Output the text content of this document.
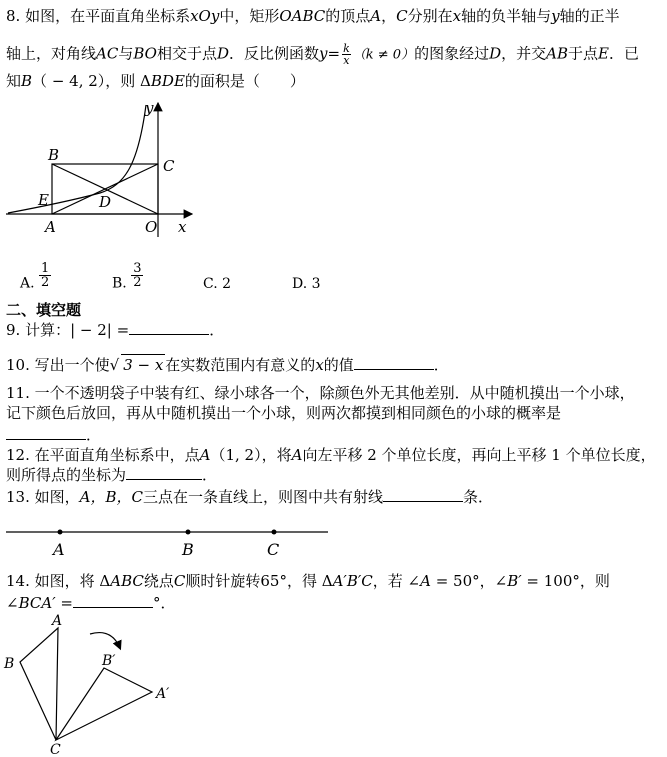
8. 如图，在平面直角坐标系xOy中，矩形OABC的顶点A，C分别在x轴的负半轴与y轴的正半
轴上，对角线AC与BO相交于点D．反比例函数$y= \frac{k}{x} (k \ne 0)$的图象经过D，并交AB于点E．已
知B（ − 4, 2），则 ΔBDE的面积是（　　）
y
x
B
C
E	D
A	O
A. $\frac{1}{2}$	B. $\frac{3}{2}$	C. 2	D. 3
二、填空题
9. 计算：| − 2| =	．
10. 写出一个使√ 3 − x 在实数范围内有意义的x的值	．
11. 一个不透明袋子中装有红、绿小球各一个，除颜色外无其他差别．从中随机摸出一个小球，
记下颜色后放回，再从中随机摸出一个小球，则两次都摸到相同颜色的小球的概率是
．
12. 在平面直角坐标系中，点A（1, 2），将A向左平移 2 个单位长度，再向上平移 1 个单位长度，
则所得点的坐标为	．
13. 如图，A，B，C三点在一条直线上，则图中共有射线	条．
A	B	C
14. 如图，将 ΔABC绕点C顺时针旋转65°，得 ΔA′B′C，若 ∠A = 50°，∠B′ = 100°，则
∠BCA′ =	°．
A
B	B′
A′
C
